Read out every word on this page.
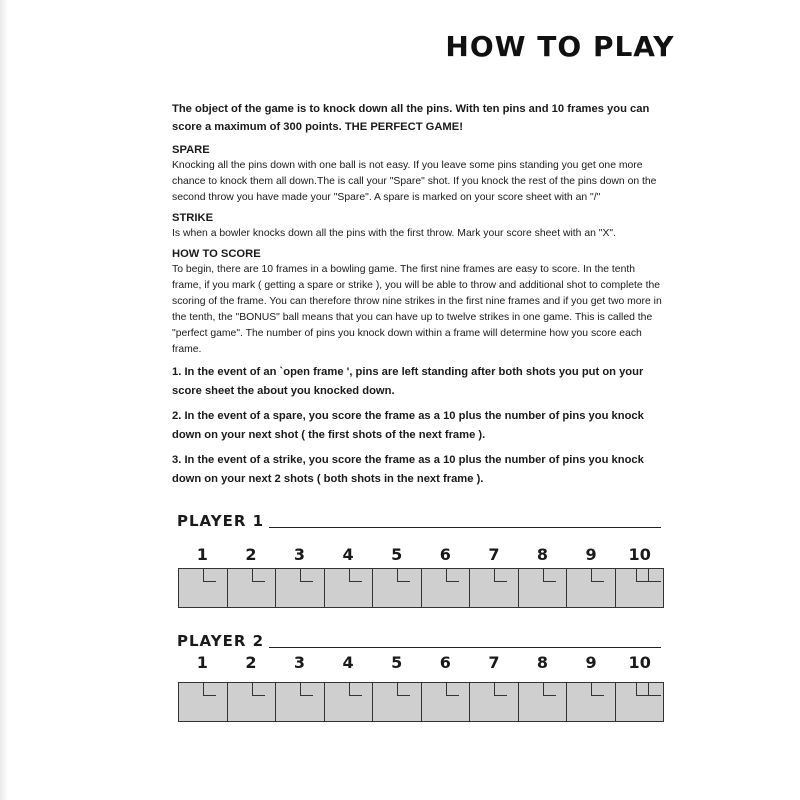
HOW TO PLAY

The object of the game is to knock down all the pins. With ten pins and 10 frames you can score a maximum of 300 points. THE PERFECT GAME!

SPARE

Knocking all the pins down with one ball is not easy. If you leave some pins standing you get one more chance to knock them all down.The is call your "Spare" shot. If you knock the rest of the pins down on the second throw you have made your "Spare". A spare is marked on your score sheet with an "/"

STRIKE

Is when a bowler knocks down all the pins with the first throw. Mark your score sheet with an "X".

HOW TO SCORE

To begin, there are 10 frames in a bowling game. The first nine frames are easy to score. In the tenth frame, if you mark ( getting a spare or strike ), you will be able to throw and additional shot to complete the scoring of the frame. You can therefore throw nine strikes in the first nine frames and if you get two more in the tenth, the "BONUS" ball means that you can have up to twelve strikes in one game. This is called the "perfect game". The number of pins you knock down within a frame will determine how you score each frame.

1. In the event of an `open frame ', pins are left standing after both shots you put on your score sheet the about you knocked down.

2. In the event of a spare, you score the frame as a 10 plus the number of pins you knock down on your next shot ( the first shots of the next frame ).

3. In the event of a strike, you score the frame as a 10 plus the number of pins you knock down on your next 2 shots ( both shots in the next frame ).

PLAYER 1
1 2 3 4 5 6 7 8 9 10
PLAYER 2
1 2 3 4 5 6 7 8 9 10
